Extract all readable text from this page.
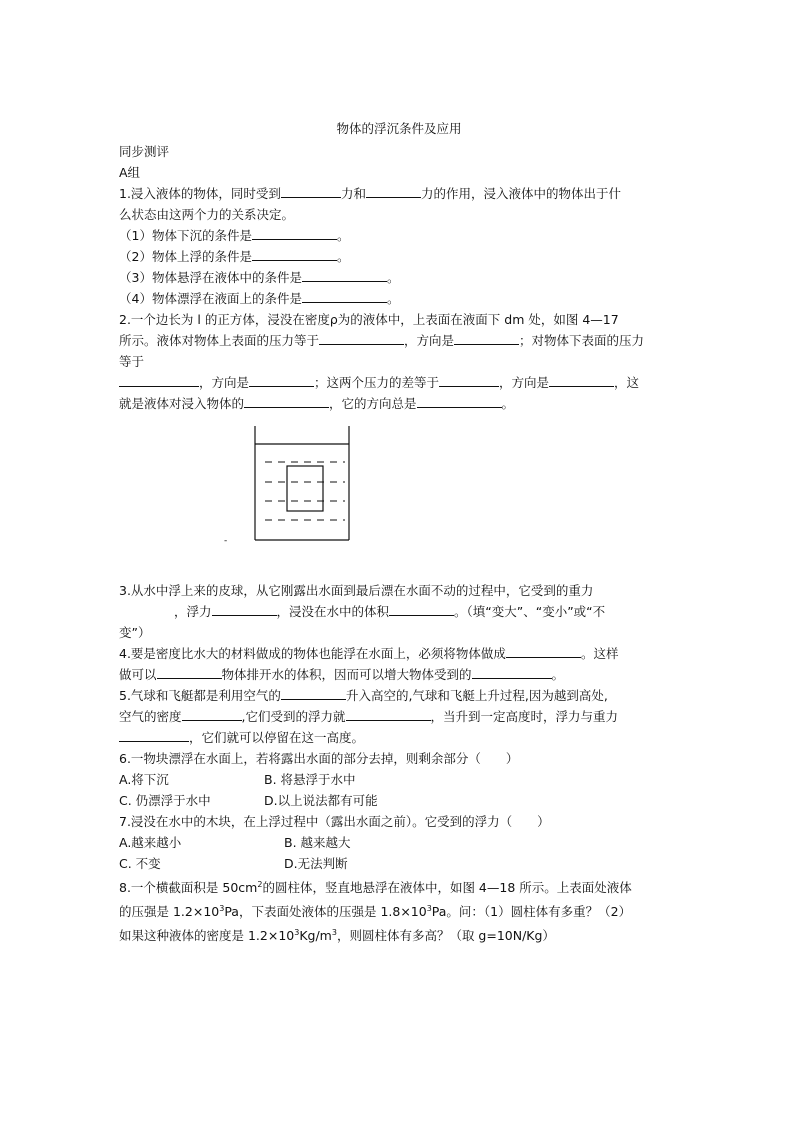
物体的浮沉条件及应用
同步测评
A组
1.浸入液体的物体，同时受到	力和	力的作用，浸入液体中的物体出于什
么状态由这两个力的关系决定。
（1）物体下沉的条件是	。
（2）物体上浮的条件是	。
（3）物体悬浮在液体中的条件是	。
（4）物体漂浮在液面上的条件是	。
2.一个边长为 l 的正方体，浸没在密度ρ为的液体中，上表面在液面下 dm 处，如图 4—17
所示。液体对物体上表面的压力等于	，方向是	；对物体下表面的压力
等于
，方向是	；这两个压力的差等于	，方向是	，这
就是液体对浸入物体的	，它的方向总是	。
-
3.从水中浮上来的皮球，从它刚露出水面到最后漂在水面不动的过程中，它受到的重力
，浮力	，浸没在水中的体积	。（填“变大”、“变小”或“不
变”）
4.要是密度比水大的材料做成的物体也能浮在水面上，必须将物体做成	。这样
做可以	物体排开水的体积，因而可以增大物体受到的	。
5.气球和飞艇都是利用空气的	升入高空的,气球和飞艇上升过程,因为越到高处,
空气的密度	,它们受到的浮力就	，当升到一定高度时，浮力与重力
，它们就可以停留在这一高度。
6.一物块漂浮在水面上，若将露出水面的部分去掉，则剩余部分（　　）
A.将下沉	B. 将悬浮于水中
C. 仍漂浮于水中	D.以上说法都有可能
7.浸没在水中的木块，在上浮过程中（露出水面之前）。它受到的浮力（　　）
A.越来越小	B. 越来越大
C. 不变	D.无法判断
8.一个横截面积是 $50cm^2$的圆柱体，竖直地悬浮在液体中，如图 4—18 所示。上表面处液体
的压强是 $1.2\times 10^3Pa$，下表面处液体的压强是 $1.8\times 10^3Pa$。问：（1）圆柱体有多重？（2）
如果这种液体的密度是 $1.2\times 10^3Kg/m^3$，则圆柱体有多高？（取 g=10N/Kg）
